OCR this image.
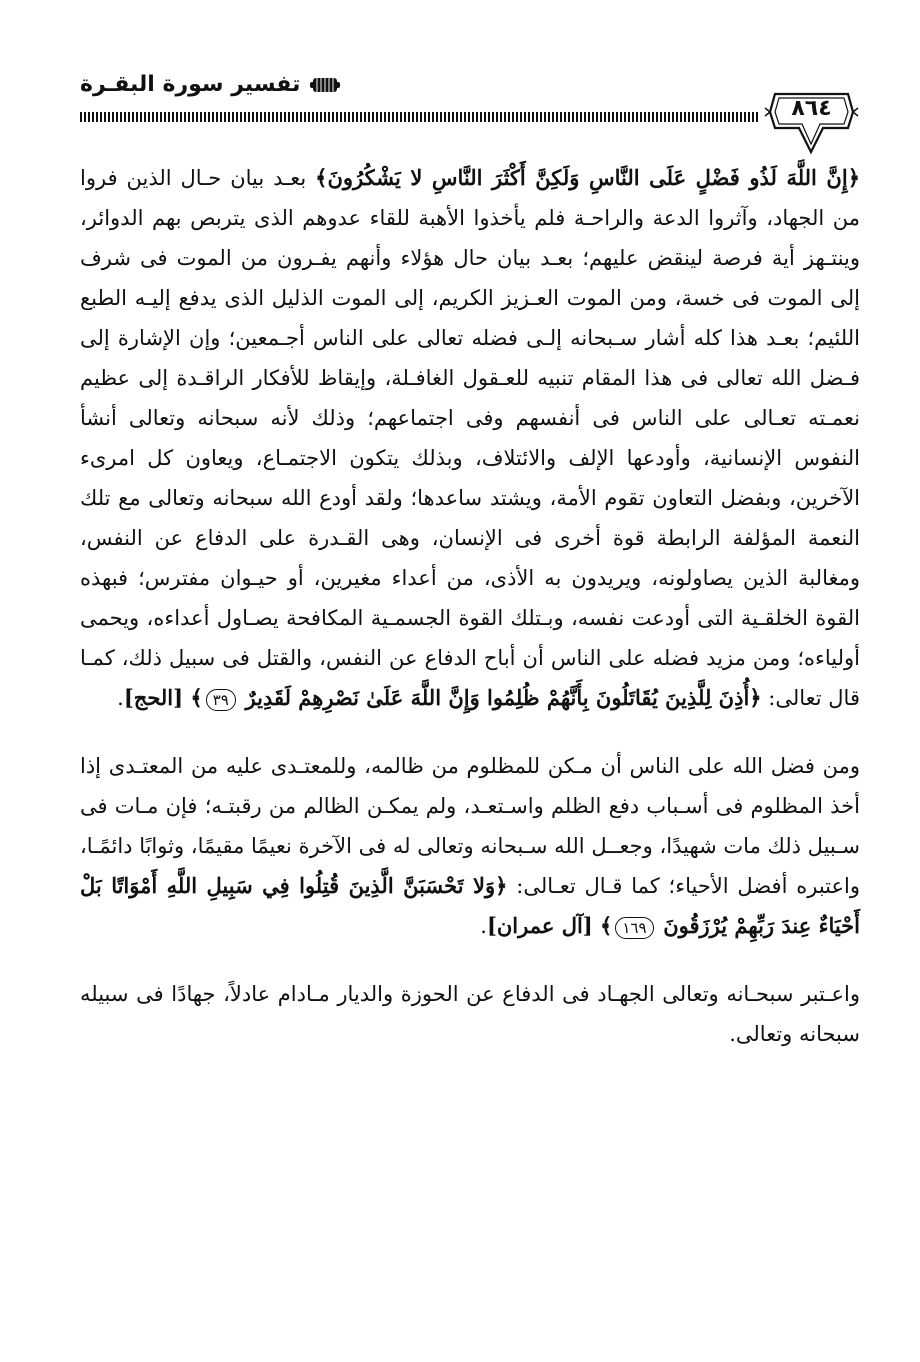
تفسير سورة البقـرة
٨٦٤

﴿إِنَّ اللَّهَ لَذُو فَضْلٍ عَلَى النَّاسِ وَلَكِنَّ أَكْثَرَ النَّاسِ لا يَشْكُرُونَ﴾ بعـد بيان حـال الذين فروا من الجهاد، وآثروا الدعة والراحـة فلم يأخذوا الأهبة للقاء عدوهم الذى يتربص بهم الدوائر، وينتـهز أية فرصة لينقض عليهم؛ بعـد بيان حال هؤلاء وأنهم يفـرون من الموت فى شرف إلى الموت فى خسة، ومن الموت العـزيز الكريم، إلى الموت الذليل الذى يدفع إليـه الطبع اللئيم؛ بعـد هذا كله أشار سـبحانه إلـى فضله تعالى على الناس أجـمعين؛ وإن الإشارة إلى فـضل الله تعالى فى هذا المقام تنبيه للعـقول الغافـلة، وإيقاظ للأفكار الراقـدة إلى عظيم نعمـته تعـالى على الناس فى أنفسهم وفى اجتماعهم؛ وذلك لأنه سبحانه وتعالى أنشأ النفوس الإنسانية، وأودعها الإلف والائتلاف، وبذلك يتكون الاجتمـاع، ويعاون كل امرىء الآخرين، وبفضل التعاون تقوم الأمة، ويشتد ساعدها؛ ولقد أودع الله سبحانه وتعالى مع تلك النعمة المؤلفة الرابطة قوة أخرى فى الإنسان، وهى القـدرة على الدفاع عن النفس، ومغالبة الذين يصاولونه، ويريدون به الأذى، من أعداء مغيرين، أو حيـوان مفترس؛ فبهذه القوة الخلقـية التى أودعت نفسه، وبـتلك القوة الجسمـية المكافحة يصـاول أعداءه، ويحمى أولياءه؛ ومن مزيد فضله على الناس أن أباح الدفاع عن النفس، والقتل فى سبيل ذلك، كمـا قال تعالى: ﴿أُذِنَ لِلَّذِينَ يُقَاتَلُونَ بِأَنَّهُمْ ظُلِمُوا وَإِنَّ اللَّهَ عَلَىٰ نَصْرِهِمْ لَقَدِيرٌ ٣٩﴾ [الحج].

ومن فضل الله على الناس أن مـكن للمظلوم من ظالمه، وللمعتـدى عليه من المعتـدى إذا أخذ المظلوم فى أسـباب دفع الظلم واسـتعـد، ولم يمكـن الظالم من رقبتـه؛ فإن مـات فى سـبيل ذلك مات شهيدًا، وجعــل الله سـبحانه وتعالى له فى الآخرة نعيمًا مقيمًا، وثوابًا دائمًـا، واعتبره أفضل الأحياء؛ كما قـال تعـالى: ﴿وَلا تَحْسَبَنَّ الَّذِينَ قُتِلُوا فِي سَبِيلِ اللَّهِ أَمْوَاتًا بَلْ أَحْيَاءٌ عِندَ رَبِّهِمْ يُرْزَقُونَ ١٦٩﴾ [آل عمران].

واعـتبر سبحـانه وتعالى الجهـاد فى الدفاع عن الحوزة والديار مـادام عادلاً، جهادًا فى سبيله سبحانه وتعالى.
